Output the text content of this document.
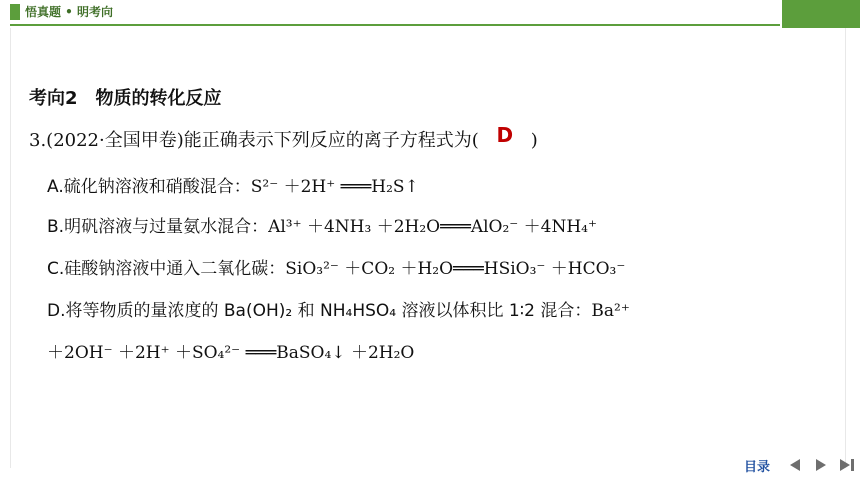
悟真题 • 明考向
考向2　物质的转化反应
3.(2022·全国甲卷)能正确表示下列反应的离子方程式为( D )
A.硫化钠溶液和硝酸混合：S²⁻ ＋2H⁺ ═══H₂S↑
B.明矾溶液与过量氨水混合：Al³⁺ ＋4NH₃ ＋2H₂O═══AlO₂⁻ ＋4NH₄⁺
C.硅酸钠溶液中通入二氧化碳：SiO₃²⁻ ＋CO₂ ＋H₂O═══HSiO₃⁻ ＋HCO₃⁻
D.将等物质的量浓度的 Ba(OH)₂ 和 NH₄HSO₄ 溶液以体积比 1∶2 混合：Ba²⁺
＋2OH⁻ ＋2H⁺ ＋SO₄²⁻ ═══BaSO₄↓ ＋2H₂O
目录
